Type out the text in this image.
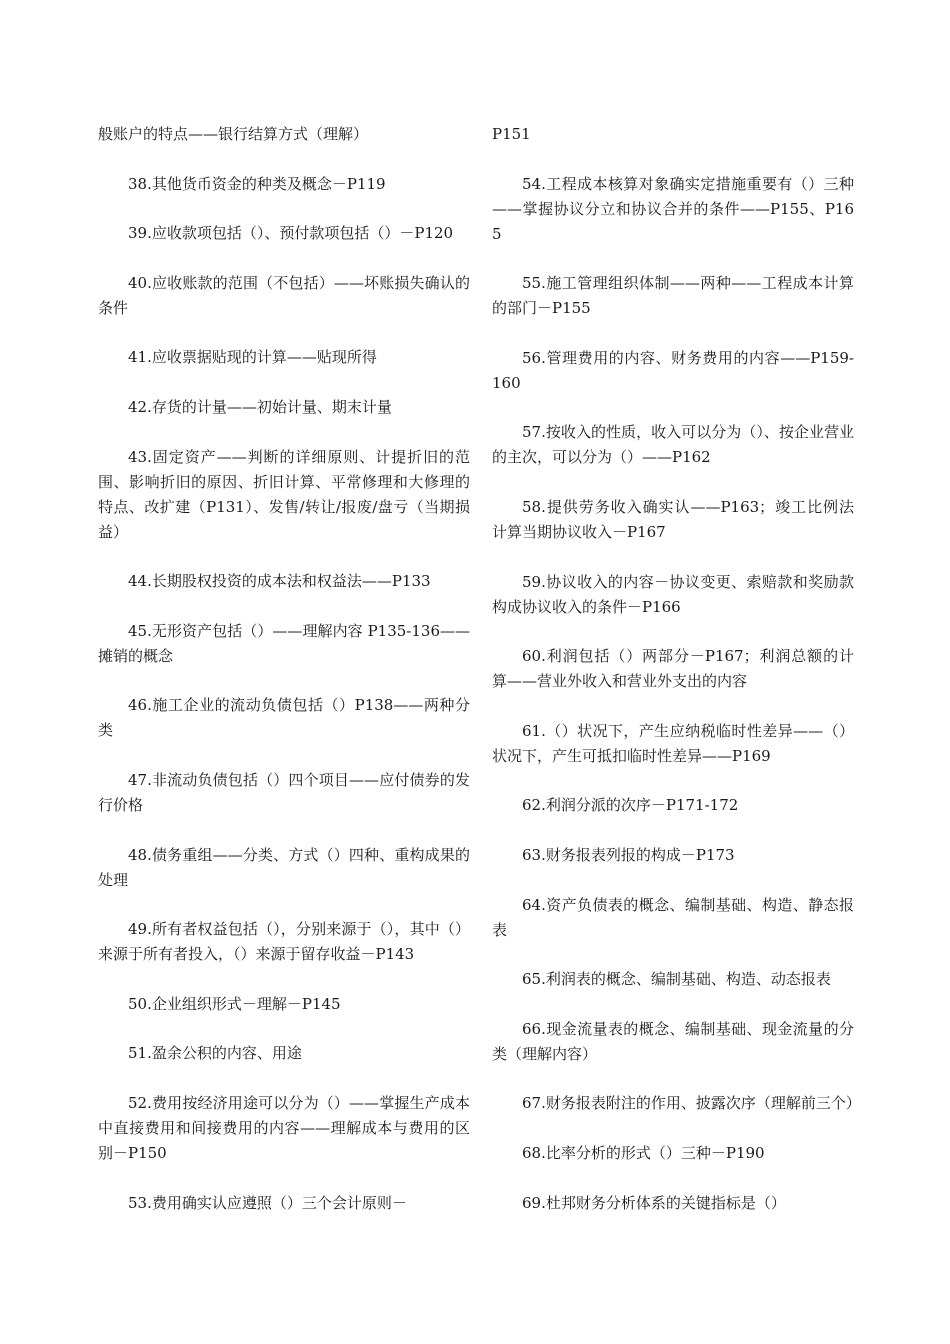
般账户的特点——银行结算方式（理解）

38.其他货币资金的种类及概念－P119

39.应收款项包括（）、预付款项包括（）－P120

40.应收账款的范围（不包括）——坏账损失确认的条件

41.应收票据贴现的计算——贴现所得

42.存货的计量——初始计量、期末计量

43.固定资产——判断的详细原则、计提折旧的范围、影响折旧的原因、折旧计算、平常修理和大修理的特点、改扩建（P131）、发售/转让/报废/盘亏（当期损益）

44.长期股权投资的成本法和权益法——P133

45.无形资产包括（）——理解内容 P135-136——摊销的概念

46.施工企业的流动负债包括（）P138——两种分类

47.非流动负债包括（）四个项目——应付债券的发行价格

48.债务重组——分类、方式（）四种、重构成果的处理

49.所有者权益包括（），分别来源于（），其中（）来源于所有者投入，（）来源于留存收益－P143

50.企业组织形式－理解－P145

51.盈余公积的内容、用途

52.费用按经济用途可以分为（）——掌握生产成本中直接费用和间接费用的内容——理解成本与费用的区别－P150

53.费用确实认应遵照（）三个会计原则－

P151

54.工程成本核算对象确实定措施重要有（）三种——掌握协议分立和协议合并的条件——P155、P165

55.施工管理组织体制——两种——工程成本计算的部门－P155

56.管理费用的内容、财务费用的内容——P159-160

57.按收入的性质，收入可以分为（）、按企业营业的主次，可以分为（）——P162

58.提供劳务收入确实认——P163；竣工比例法计算当期协议收入－P167

59.协议收入的内容－协议变更、索赔款和奖励款构成协议收入的条件－P166

60.利润包括（）两部分－P167；利润总额的计算——营业外收入和营业外支出的内容

61.（）状况下，产生应纳税临时性差异——（）状况下，产生可抵扣临时性差异——P169

62.利润分派的次序－P171-172

63.财务报表列报的构成－P173

64.资产负债表的概念、编制基础、构造、静态报表

65.利润表的概念、编制基础、构造、动态报表

66.现金流量表的概念、编制基础、现金流量的分类（理解内容）

67.财务报表附注的作用、披露次序（理解前三个）

68.比率分析的形式（）三种－P190

69.杜邦财务分析体系的关键指标是（）
